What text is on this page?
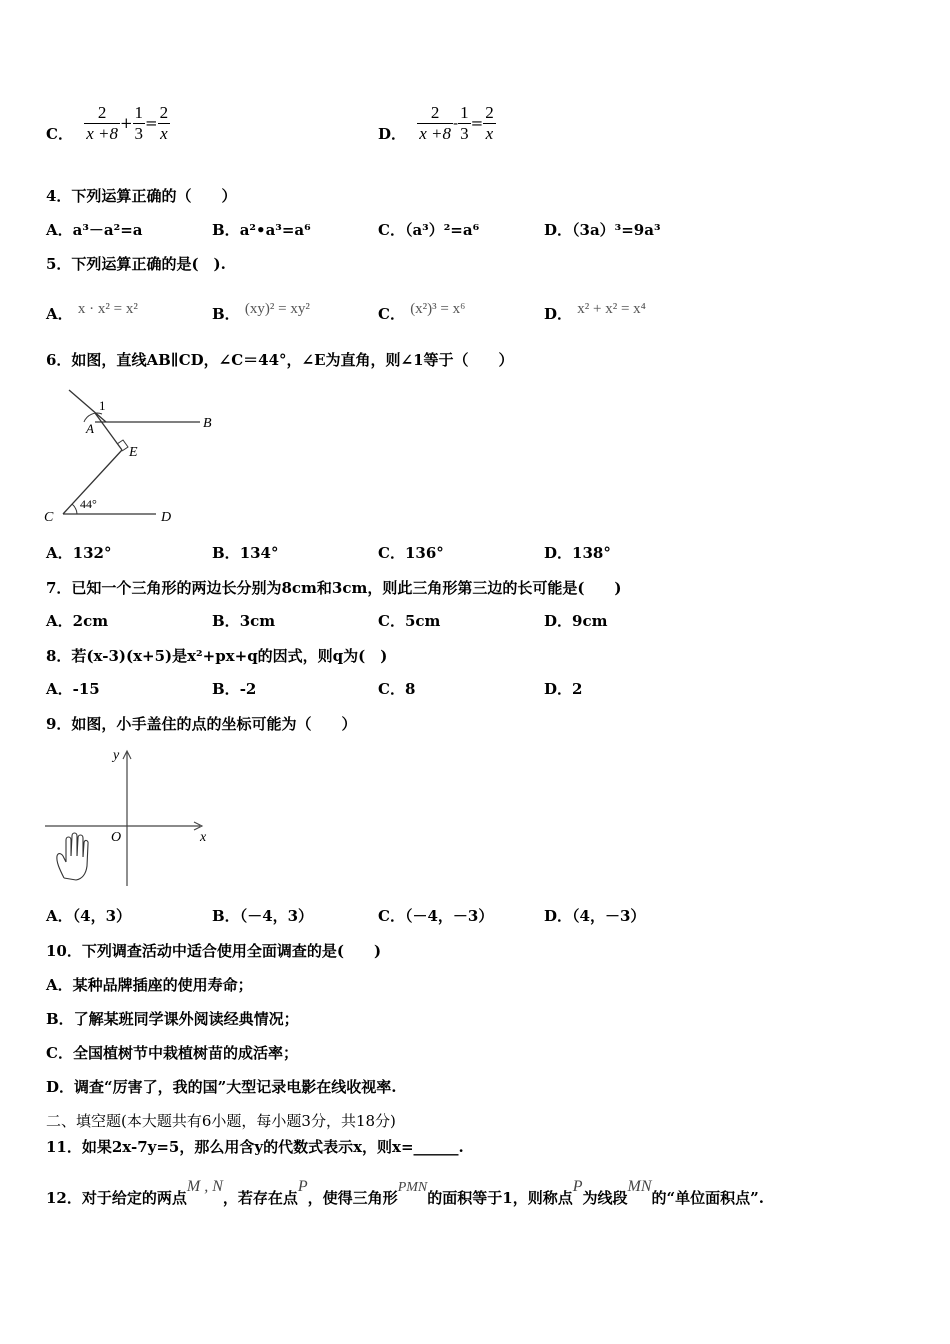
C． $\frac{2}{x +8} + \frac{1}{3} = \frac{2}{x}$	D． $\frac{2}{x +8} - \frac{1}{3} = \frac{2}{x}$
4．下列运算正确的（　　）
A．a³－a²=a	B．a²•a³=a⁶	C．（a³）²=a⁶	D．（3a）³=9a³
5．下列运算正确的是(　).
A． x · x² = x²	B． (xy)² = xy²	C． (x²)³ = x⁶	D． x² + x² = x⁴
6．如图，直线AB∥CD，∠C＝44°，∠E为直角，则∠1等于（　　）
1
A	B
E
C	D
44°
A．132°	B．134°	C．136°	D．138°
7．已知一个三角形的两边长分别为8cm和3cm，则此三角形第三边的长可能是(　　)
A．2cm	B．3cm	C．5cm	D．9cm
8．若(x-3)(x+5)是x²+px+q的因式，则q为(　)
A．-15	B．-2	C．8	D．2
9．如图，小手盖住的点的坐标可能为（　　）
y
x
O
A．（4，3）	B．（－4，3）	C．（－4，－3）	D．（4，－3）
10．下列调查活动中适合使用全面调查的是(　　)
A．某种品牌插座的使用寿命；
B．了解某班同学课外阅读经典情况；
C．全国植树节中栽植树苗的成活率；
D．调查“厉害了，我的国”大型记录电影在线收视率.
二、填空题(本大题共有6小题，每小题3分，共18分)
11．如果2x-7y=5，那么用含y的代数式表示x，则x=______.
12．对于给定的两点M , N，若存在点P，使得三角形PMN的面积等于1，则称点P为线段MN的“单位面积点”.
